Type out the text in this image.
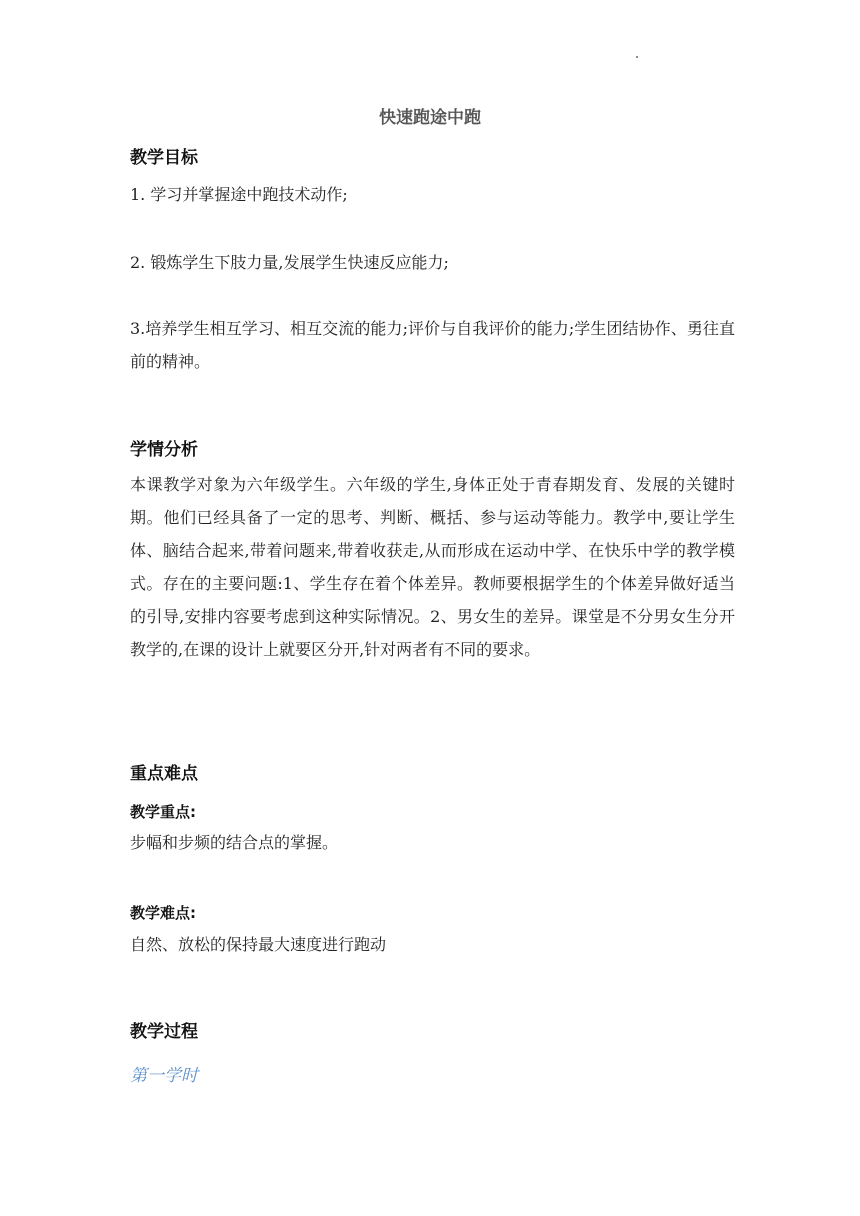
快速跑途中跑
教学目标
1. 学习并掌握途中跑技术动作;
2. 锻炼学生下肢力量,发展学生快速反应能力;
3.培养学生相互学习、相互交流的能力;评价与自我评价的能力;学生团结协作、勇往直前的精神。
学情分析
本课教学对象为六年级学生。六年级的学生,身体正处于青春期发育、发展的关键时期。他们已经具备了一定的思考、判断、概括、参与运动等能力。教学中,要让学生体、脑结合起来,带着问题来,带着收获走,从而形成在运动中学、在快乐中学的教学模式。存在的主要问题:1、学生存在着个体差异。教师要根据学生的个体差异做好适当的引导,安排内容要考虑到这种实际情况。2、男女生的差异。课堂是不分男女生分开教学的,在课的设计上就要区分开,针对两者有不同的要求。
重点难点
教学重点:
步幅和步频的结合点的掌握。
教学难点:
自然、放松的保持最大速度进行跑动
教学过程
第一学时
